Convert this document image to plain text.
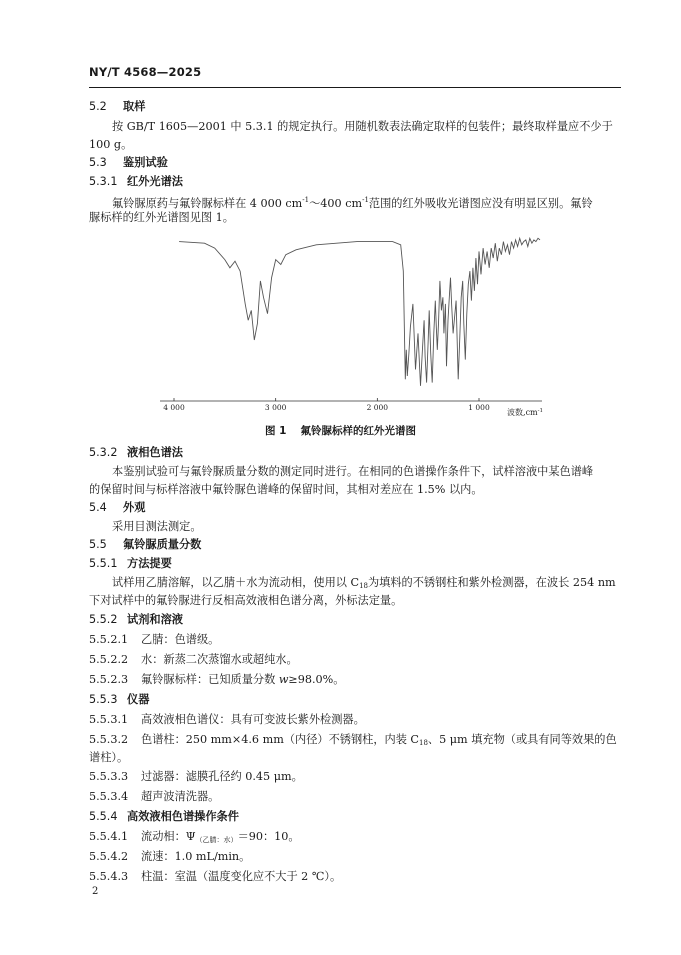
NY/T 4568—2025
5.2 取样
按 GB/T 1605—2001 中 5.3.1 的规定执行。用随机数表法确定取样的包装件；最终取样量应不少于
100 g。
5.3 鉴别试验
5.3.1 红外光谱法
氟铃脲原药与氟铃脲标样在 4 000 $cm^{-1}\sim 400$ $cm^{-1}$范围的红外吸收光谱图应没有明显区别。氟铃
脲标样的红外光谱图见图 1。
4 000	3 000	2 000	1 000
波数$,cm^{-1}$
图 1 氟铃脲标样的红外光谱图
5.3.2 液相色谱法
本鉴别试验可与氟铃脲质量分数的测定同时进行。在相同的色谱操作条件下，试样溶液中某色谱峰
的保留时间与标样溶液中氟铃脲色谱峰的保留时间，其相对差应在 1.5% 以内。
5.4 外观
采用目测法测定。
5.5 氟铃脲质量分数
5.5.1 方法提要
试样用乙腈溶解，以乙腈＋水为流动相，使用以 $C_{18}$为填料的不锈钢柱和紫外检测器，在波长 254 nm
下对试样中的氟铃脲进行反相高效液相色谱分离，外标法定量。
5.5.2 试剂和溶液
5.5.2.1 乙腈：色谱级。
5.5.2.2 水：新蒸二次蒸馏水或超纯水。
5.5.2.3 氟铃脲标样：已知质量分数 w≥98.0%。
5.5.3 仪器
5.5.3.1 高效液相色谱仪：具有可变波长紫外检测器。
5.5.3.2 色谱柱：250 mm×4.6 mm（内径）不锈钢柱，内装 $C_{18}$、5 μm 填充物（或具有同等效果的色
谱柱）。
5.5.3.3 过滤器：滤膜孔径约 0.45 μm。
5.5.3.4 超声波清洗器。
5.5.4 高效液相色谱操作条件
5.5.4.1 流动相：$\Psi_{(乙腈:水)}=90$：10。
5.5.4.2 流速：1.0 mL/min。
5.5.4.3 柱温：室温（温度变化应不大于 2 ℃）。
2
